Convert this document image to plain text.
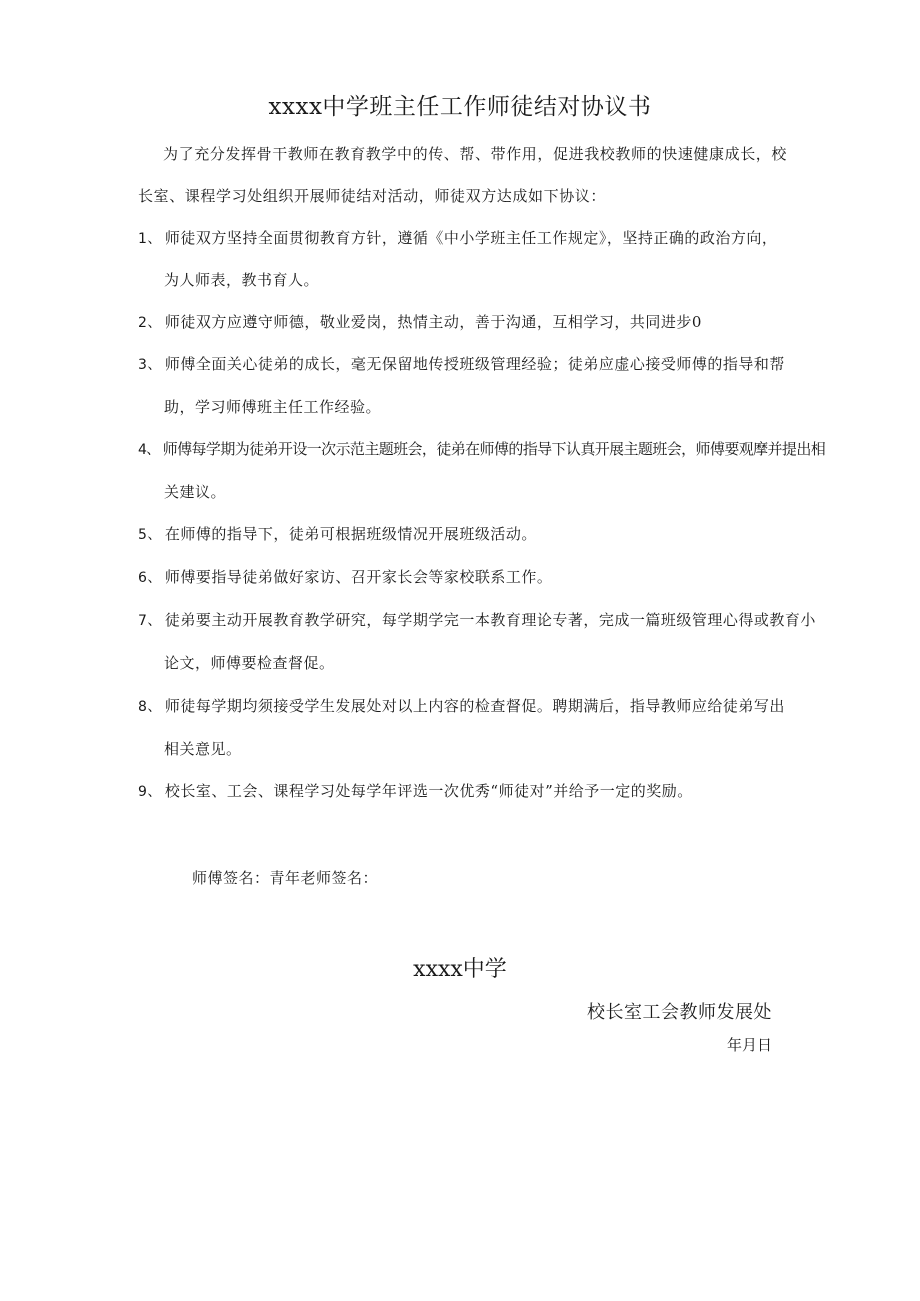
xxxx中学班主任工作师徒结对协议书
为了充分发挥骨干教师在教育教学中的传、帮、带作用，促进我校教师的快速健康成长，校
长室、课程学习处组织开展师徒结对活动，师徒双方达成如下协议：
1、 师徒双方坚持全面贯彻教育方针，遵循《中小学班主任工作规定》，坚持正确的政治方向，
为人师表，教书育人。
2、 师徒双方应遵守师德，敬业爱岗，热情主动，善于沟通，互相学习，共同进步0
3、 师傅全面关心徒弟的成长，毫无保留地传授班级管理经验；徒弟应虚心接受师傅的指导和帮
助，学习师傅班主任工作经验。
4、 师傅每学期为徒弟开设一次示范主题班会，徒弟在师傅的指导下认真开展主题班会，师傅要观摩并提出相
关建议。
5、 在师傅的指导下，徒弟可根据班级情况开展班级活动。
6、 师傅要指导徒弟做好家访、召开家长会等家校联系工作。
7、 徒弟要主动开展教育教学研究，每学期学完一本教育理论专著，完成一篇班级管理心得或教育小
论文，师傅要检查督促。
8、 师徒每学期均须接受学生发展处对以上内容的检查督促。聘期满后，指导教师应给徒弟写出
相关意见。
9、 校长室、工会、课程学习处每学年评选一次优秀“师徒对”并给予一定的奖励。
师傅签名：青年老师签名：
xxxx中学
校长室工会教师发展处
年月日
